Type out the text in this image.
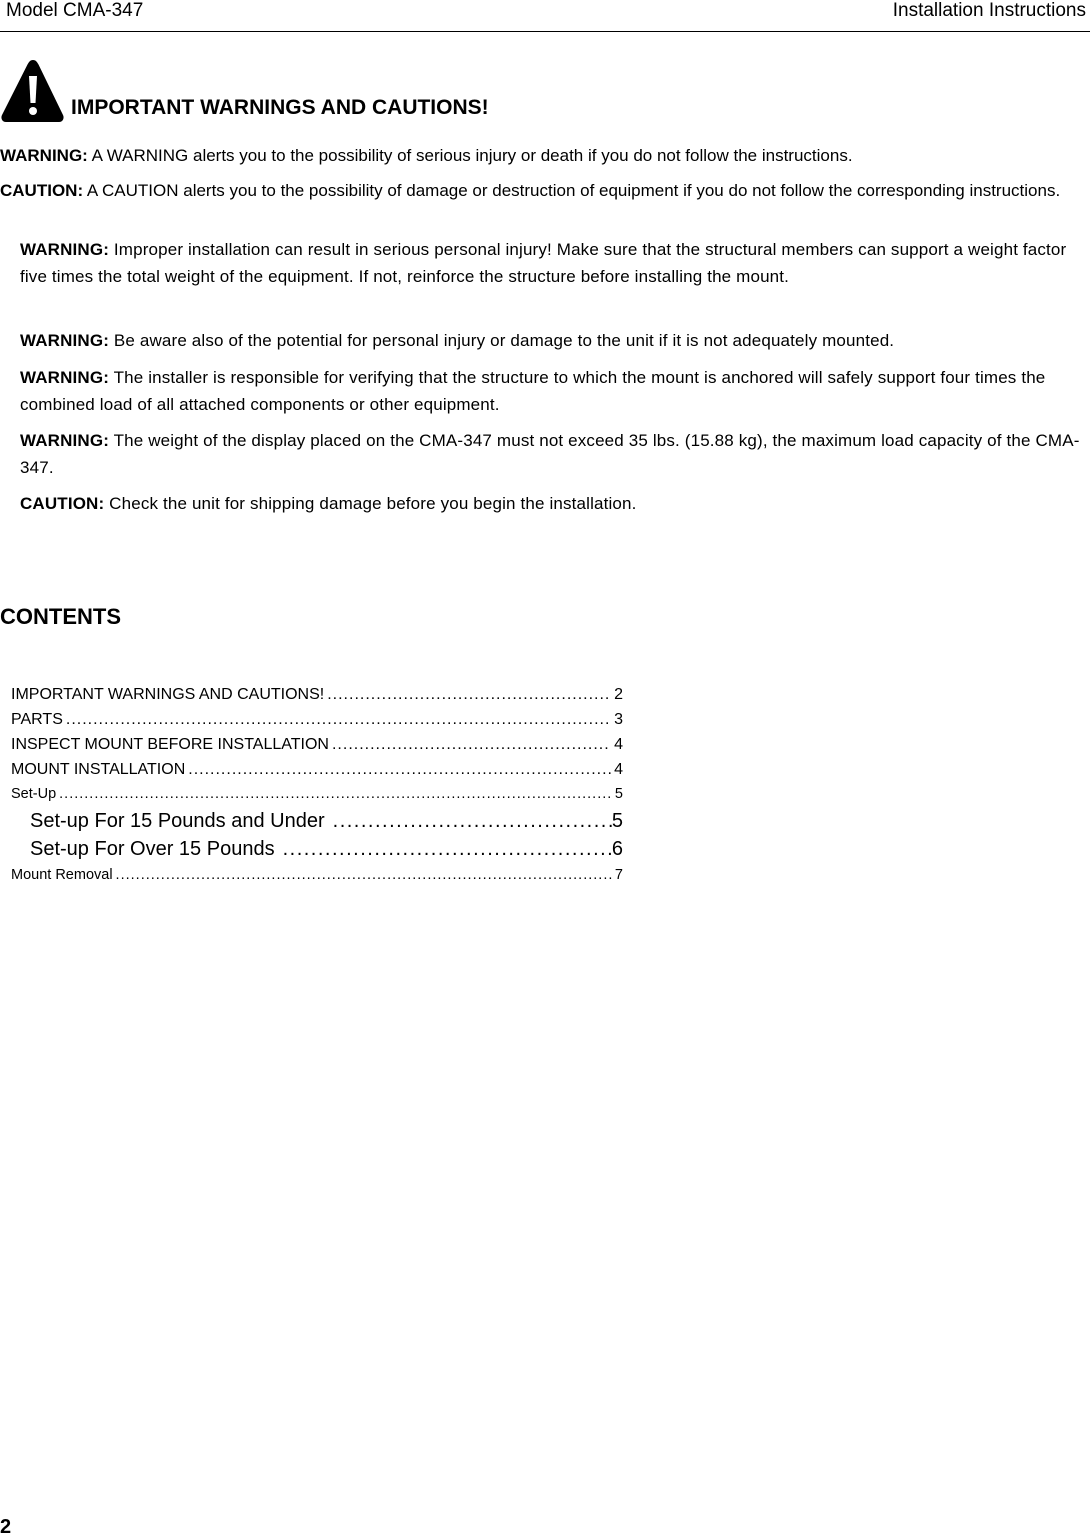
Model CMA-347	Installation Instructions
IMPORTANT WARNINGS AND CAUTIONS!
WARNING: A WARNING alerts you to the possibility of serious injury or death if you do not follow the instructions.
CAUTION: A CAUTION alerts you to the possibility of damage or destruction of equipment if you do not follow the corresponding instructions.
WARNING: Improper installation can result in serious personal injury! Make sure that the structural members can support a weight factor five times the total weight of the equipment. If not, reinforce the structure before installing the mount.
WARNING: Be aware also of the potential for personal injury or damage to the unit if it is not adequately mounted.
WARNING: The installer is responsible for verifying that the structure to which the mount is anchored will safely support four times the combined load of all attached components or other equipment.
WARNING: The weight of the display placed on the CMA-347 must not exceed 35 lbs. (15.88 kg), the maximum load capacity of the CMA-347.
CAUTION: Check the unit for shipping damage before you begin the installation.
CONTENTS
IMPORTANT WARNINGS AND CAUTIONS! .....	2
PARTS .....	3
INSPECT MOUNT BEFORE INSTALLATION .....	4
MOUNT INSTALLATION .....	4
Set-Up .....	5
Set-up For 15 Pounds and Under .....	5
Set-up For Over 15 Pounds .....	6
Mount Removal .....	7
2
